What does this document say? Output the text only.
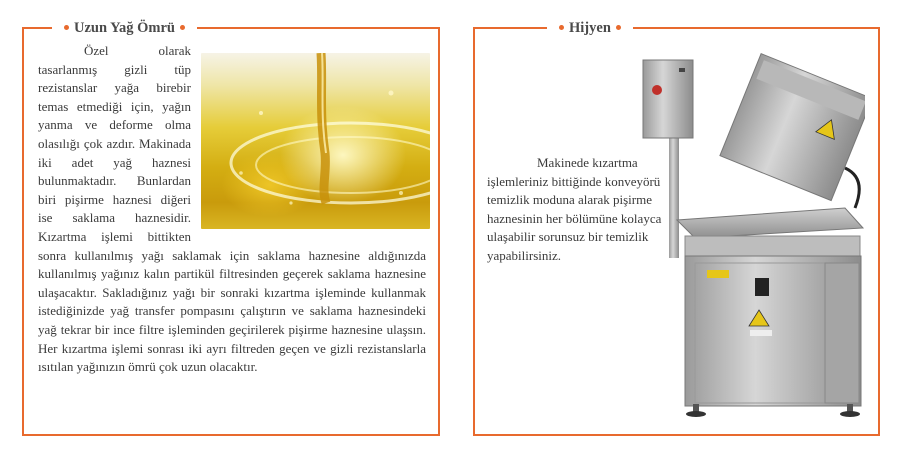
Uzun Yağ Ömrü
Özel olarak tasarlanmış gizli tüp rezistanslar yağa birebir temas etmediği için, yağın yanma ve deforme olma olasılığı çok azdır. Makinada iki adet yağ haznesi bulunmaktadır. Bunlardan biri pişirme haznesi diğeri ise saklama haznesidir. Kızartma işlemi bittikten sonra kullanılmış yağı saklamak için saklama haznesine aldığınızda kullanılmış yağınız kalın partikül filtresinden geçerek saklama haznesine ulaşacaktır. Sakladığınız yağı bir sonraki kızartma işleminde kullanmak istediğinizde yağ transfer pompasını çalıştırın ve saklama haznesindeki yağ tekrar bir ince filtre işleminden geçirilerek pişirme haznesine ulaşsın. Her kızartma işlemi sonrası iki ayrı filtreden geçen ve gizli rezistanslarla ısıtılan yağınızın ömrü çok uzun olacaktır.
Hijyen
Makinede kızartma işlemleriniz bittiğinde konveyörü temizlik moduna alarak pişirme haznesinin her bölümüne kolayca ulaşabilir sorunsuz bir temizlik yapabilirsiniz.
